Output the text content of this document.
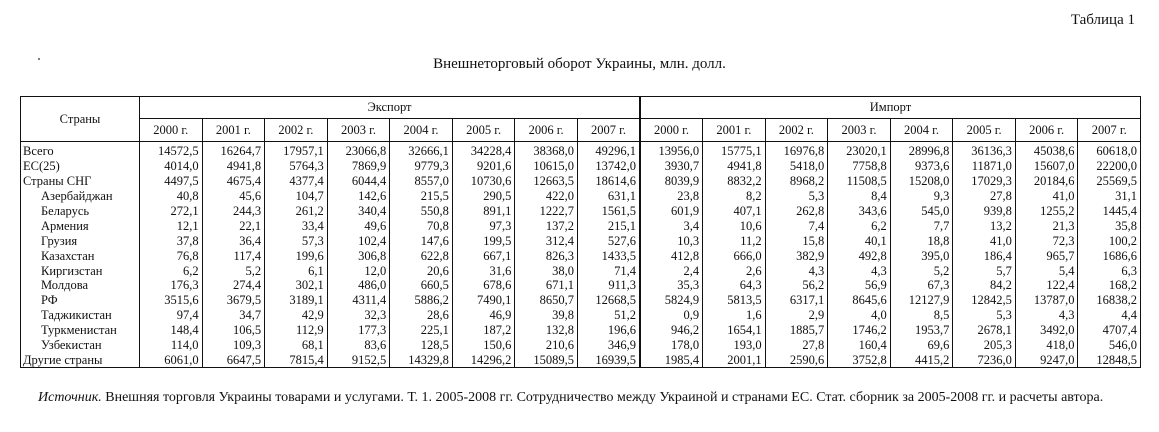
Таблица 1
Внешнеторговый оборот Украины, млн. долл.
Страны	Экспорт								Импорт							
	2000 г.	2001 г.	2002 г.	2003 г.	2004 г.	2005 г.	2006 г.	2007 г.	2000 г.	2001 г.	2002 г.	2003 г.	2004 г.	2005 г.	2006 г.	2007 г.
Всего	14572,5	16264,7	17957,1	23066,8	32666,1	34228,4	38368,0	49296,1	13956,0	15775,1	16976,8	23020,1	28996,8	36136,3	45038,6	60618,0
ЕС(25)	4014,0	4941,8	5764,3	7869,9	9779,3	9201,6	10615,0	13742,0	3930,7	4941,8	5418,0	7758,8	9373,6	11871,0	15607,0	22200,0
Страны СНГ	4497,5	4675,4	4377,4	6044,4	8557,0	10730,6	12663,5	18614,6	8039,9	8832,2	8968,2	11508,5	15208,0	17029,3	20184,6	25569,5
Азербайджан	40,8	45,6	104,7	142,6	215,5	290,5	422,0	631,1	23,8	8,2	5,3	8,4	9,3	27,8	41,0	31,1
Беларусь	272,1	244,3	261,2	340,4	550,8	891,1	1222,7	1561,5	601,9	407,1	262,8	343,6	545,0	939,8	1255,2	1445,4
Армения	12,1	22,1	33,4	49,6	70,8	97,3	137,2	215,1	3,4	10,6	7,4	6,2	7,7	13,2	21,3	35,8
Грузия	37,8	36,4	57,3	102,4	147,6	199,5	312,4	527,6	10,3	11,2	15,8	40,1	18,8	41,0	72,3	100,2
Казахстан	76,8	117,4	199,6	306,8	622,8	667,1	826,3	1433,5	412,8	666,0	382,9	492,8	395,0	186,4	965,7	1686,6
Киргизстан	6,2	5,2	6,1	12,0	20,6	31,6	38,0	71,4	2,4	2,6	4,3	4,3	5,2	5,7	5,4	6,3
Молдова	176,3	274,4	302,1	486,0	660,5	678,6	671,1	911,3	35,3	64,3	56,2	56,9	67,3	84,2	122,4	168,2
РФ	3515,6	3679,5	3189,1	4311,4	5886,2	7490,1	8650,7	12668,5	5824,9	5813,5	6317,1	8645,6	12127,9	12842,5	13787,0	16838,2
Таджикистан	97,4	34,7	42,9	32,3	28,6	46,9	39,8	51,2	0,9	1,6	2,9	4,0	8,5	5,3	4,3	4,4
Туркменистан	148,4	106,5	112,9	177,3	225,1	187,2	132,8	196,6	946,2	1654,1	1885,7	1746,2	1953,7	2678,1	3492,0	4707,4
Узбекистан	114,0	109,3	68,1	83,6	128,5	150,6	210,6	346,9	178,0	193,0	27,8	160,4	69,6	205,3	418,0	546,0
Другие страны	6061,0	6647,5	7815,4	9152,5	14329,8	14296,2	15089,5	16939,5	1985,4	2001,1	2590,6	3752,8	4415,2	7236,0	9247,0	12848,5
Источник. Внешняя торговля Украины товарами и услугами. Т. 1. 2005-2008 гг. Сотрудничество между Украиной и странами ЕС. Стат. сборник за 2005-2008 гг. и расчеты автора.
